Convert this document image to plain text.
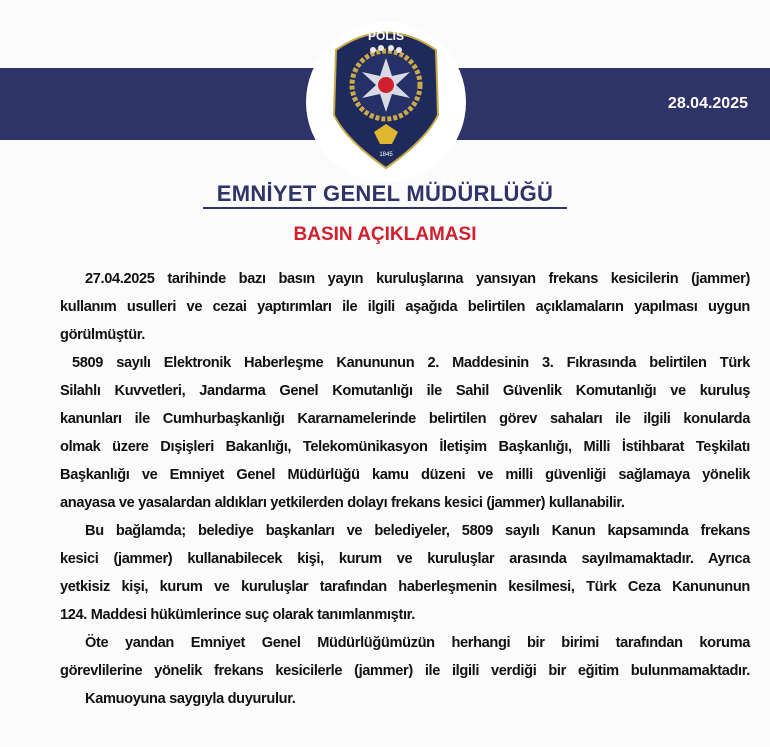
POLİS
1845
28.04.2025
EMNİYET GENEL MÜDÜRLÜĞÜ
BASIN AÇIKLAMASI
27.04.2025 tarihinde bazı basın yayın kuruluşlarına yansıyan frekans kesicilerin (jammer)
kullanım usulleri ve cezai yaptırımları ile ilgili aşağıda belirtilen açıklamaların yapılması uygun
görülmüştür.
5809 sayılı Elektronik Haberleşme Kanununun 2. Maddesinin 3. Fıkrasında belirtilen Türk
Silahlı Kuvvetleri, Jandarma Genel Komutanlığı ile Sahil Güvenlik Komutanlığı ve kuruluş
kanunları ile Cumhurbaşkanlığı Kararnamelerinde belirtilen görev sahaları ile ilgili konularda
olmak üzere Dışişleri Bakanlığı, Telekomünikasyon İletişim Başkanlığı, Milli İstihbarat Teşkilatı
Başkanlığı ve Emniyet Genel Müdürlüğü kamu düzeni ve milli güvenliği sağlamaya yönelik
anayasa ve yasalardan aldıkları yetkilerden dolayı frekans kesici (jammer) kullanabilir.
Bu bağlamda; belediye başkanları ve belediyeler, 5809 sayılı Kanun kapsamında frekans
kesici (jammer) kullanabilecek kişi, kurum ve kuruluşlar arasında sayılmamaktadır. Ayrıca
yetkisiz kişi, kurum ve kuruluşlar tarafından haberleşmenin kesilmesi, Türk Ceza Kanununun
124. Maddesi hükümlerince suç olarak tanımlanmıştır.
Öte yandan Emniyet Genel Müdürlüğümüzün herhangi bir birimi tarafından koruma
görevlilerine yönelik frekans kesicilerle (jammer) ile ilgili verdiği bir eğitim bulunmamaktadır.
Kamuoyuna saygıyla duyurulur.
